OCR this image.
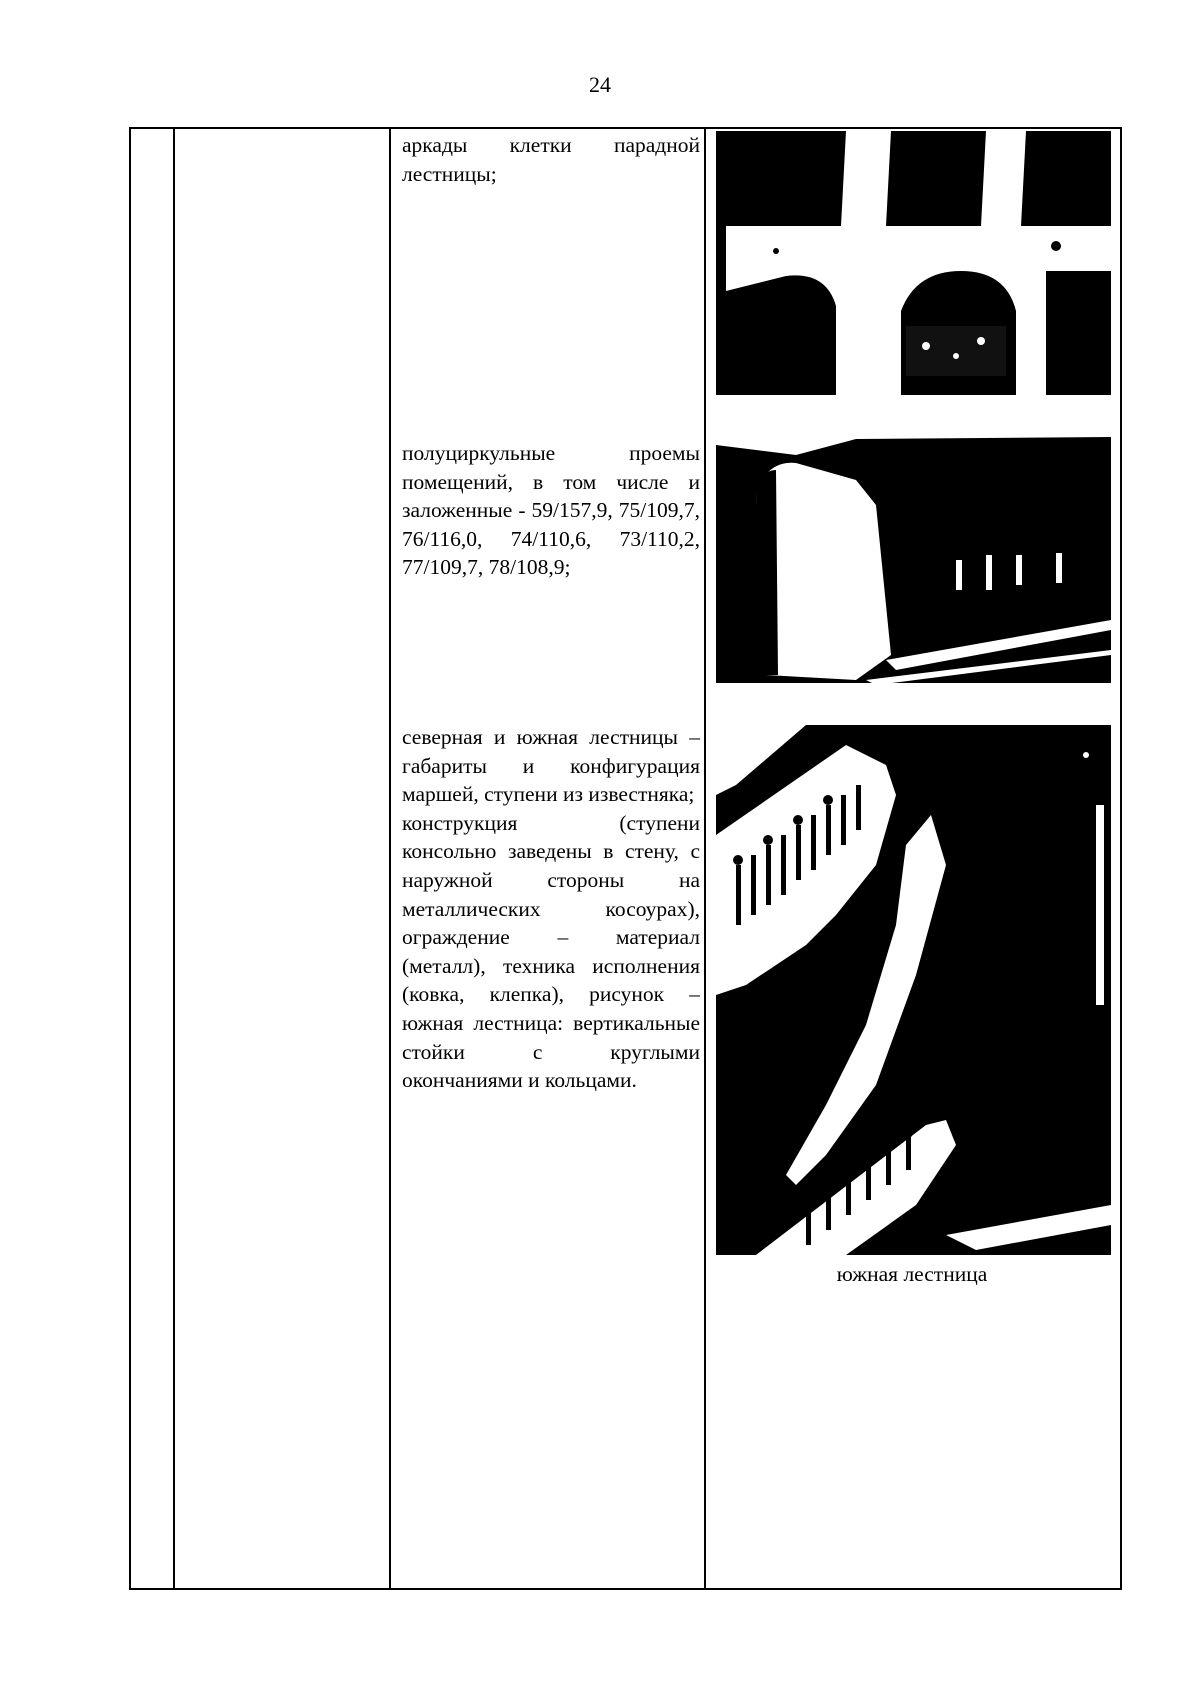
24

аркады клетки парадной лестницы;

полуциркульные проемы помещений, в том числе и заложенные - 59/157,9, 75/109,7, 76/116,0, 74/110,6, 73/110,2, 77/109,7, 78/108,9;

северная и южная лестницы – габариты и конфигурация маршей, ступени из известняка;

конструкция (ступени консольно заведены в стену, с наружной стороны на металлических косоурах), ограждение – материал (металл), техника исполнения (ковка, клепка), рисунок – южная лестница: вертикальные стойки с круглыми окончаниями и кольцами.

южная лестница
